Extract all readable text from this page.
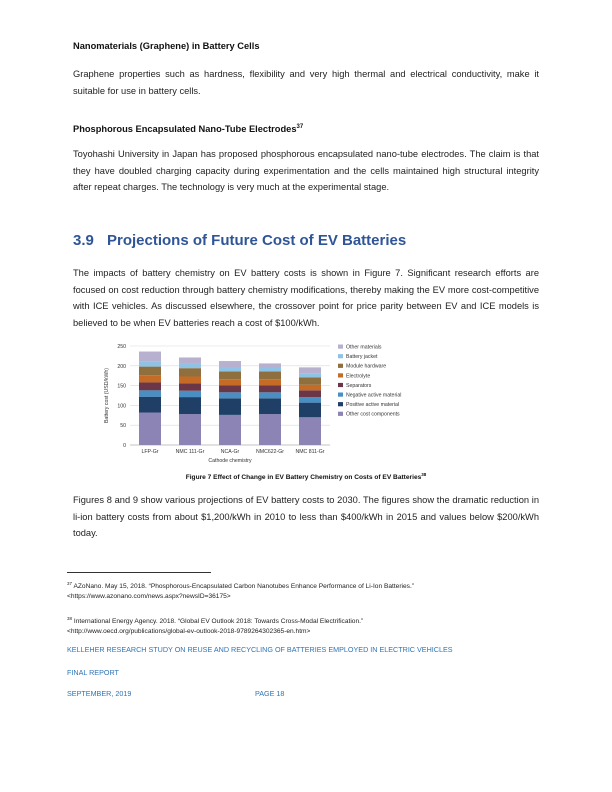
Nanomaterials (Graphene) in Battery Cells
Graphene properties such as hardness, flexibility and very high thermal and electrical conductivity, make it suitable for use in battery cells.
Phosphorous Encapsulated Nano-Tube Electrodes$^{37}$
Toyohashi University in Japan has proposed phosphorous encapsulated nano-tube electrodes. The claim is that they have doubled charging capacity during experimentation and the cells maintained high structural integrity after repeat charges. The technology is very much at the experimental stage.
3.9 Projections of Future Cost of EV Batteries
The impacts of battery chemistry on EV battery costs is shown in Figure 7. Significant research efforts are focused on cost reduction through battery chemistry modifications, thereby making the EV more cost-competitive with ICE vehicles. As discussed elsewhere, the crossover point for price parity between EV and ICE models is believed to be when EV batteries reach a cost of $100/kWh.
0
50
100
150
200
250
Battery cost (USD/kWh)
LFP-Gr	NMC 111-Gr	NCA-Gr	NMC622-Gr NMC 811-Gr
Cathode chemistry
Other materials
Battery jacket
Module hardware
Electrolyte
Separators
Negative active material
Positive active material
Other cost components
Figure 7 Effect of Change in EV Battery Chemistry on Costs of EV Batteries$^{38}$
Figures 8 and 9 show various projections of EV battery costs to 2030. The figures show the dramatic reduction in li-ion battery costs from about $1,200/kWh in 2010 to less than $400/kWh in 2015 and values below $200/kWh today.
$^{37}$ AZoNano. May 15, 2018. “Phosphorous-Encapsulated Carbon Nanotubes Enhance Performance of Li-Ion Batteries.”
<https://www.azonano.com/news.aspx?newsID=36175>
$^{38}$ International Energy Agency. 2018. “Global EV Outlook 2018: Towards Cross-Modal Electrification.”
<http://www.oecd.org/publications/global-ev-outlook-2018-9789264302365-en.htm>
KELLEHER RESEARCH STUDY ON REUSE AND RECYCLING OF BATTERIES EMPLOYED IN ELECTRIC VEHICLES
FINAL REPORT
SEPTEMBER, 2019	PAGE 18
